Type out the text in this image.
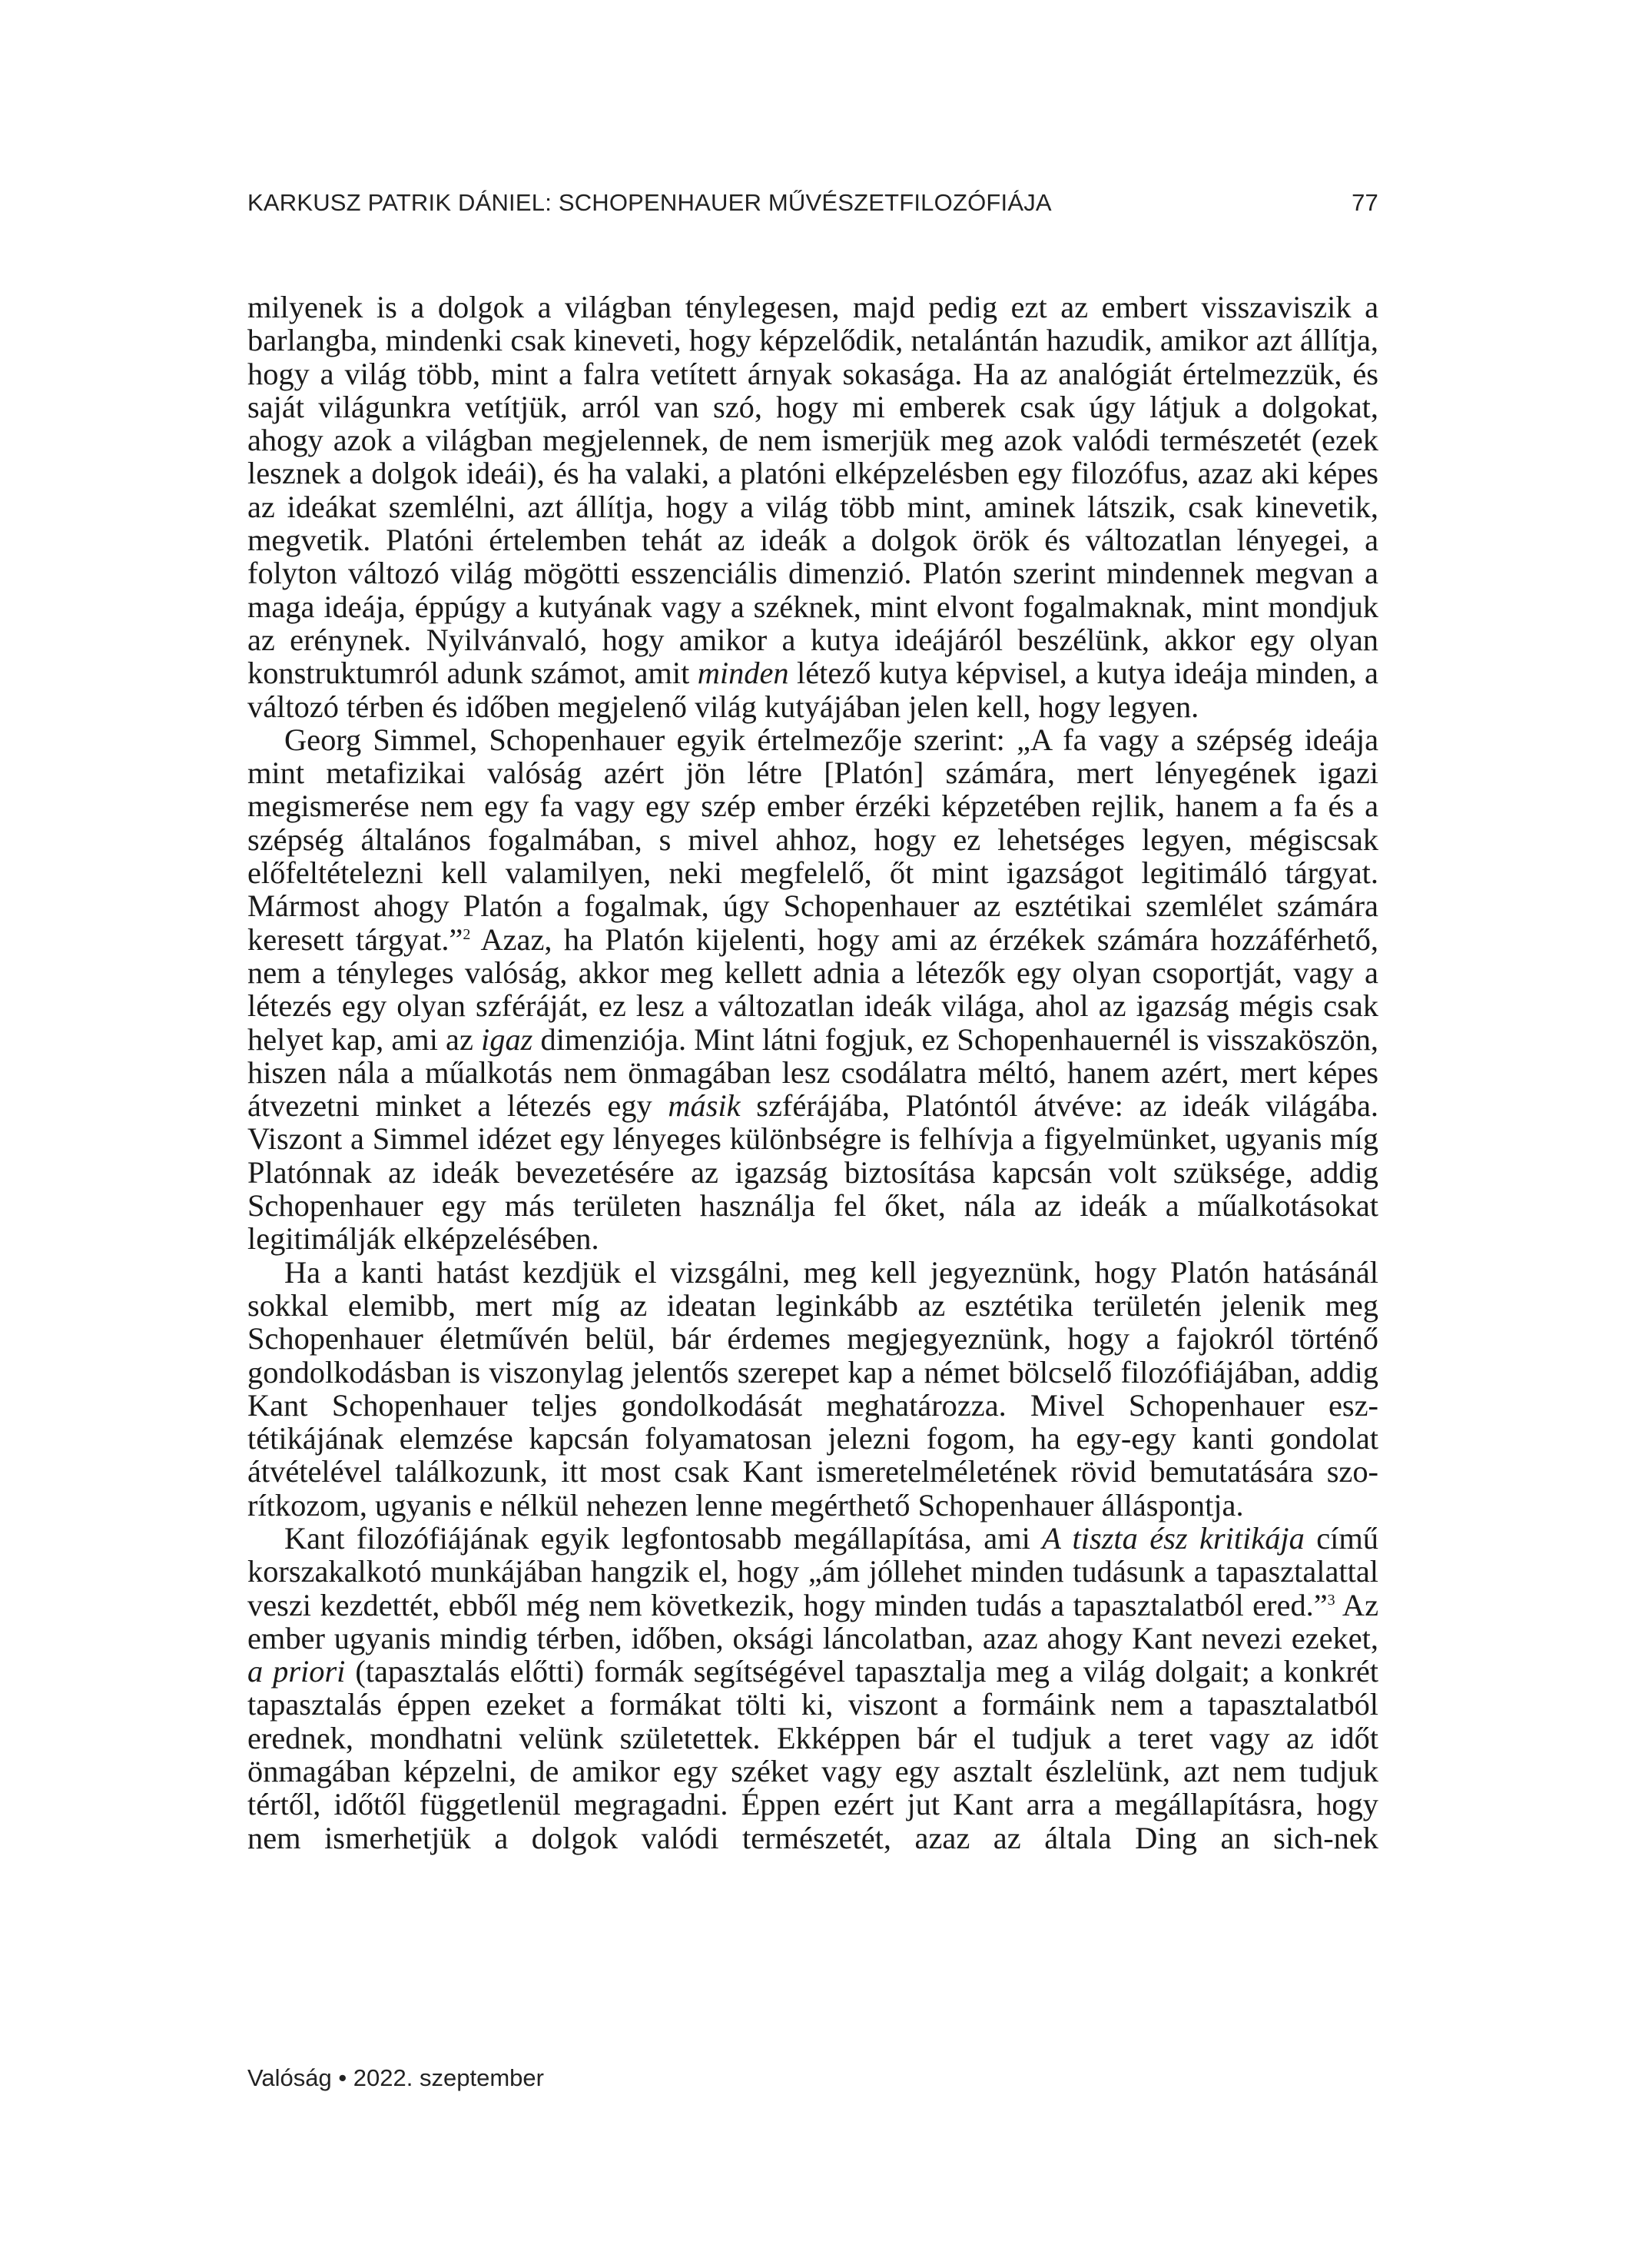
KARKUSZ PATRIK DÁNIEL: SCHOPENHAUER MŰVÉSZETFILOZÓFIÁJA	77

milyenek is a dolgok a világban ténylegesen, majd pedig ezt az embert visszaviszik a barlangba, mindenki csak kineveti, hogy képzelődik, netalántán hazudik, amikor azt állítja, hogy a világ több, mint a falra vetített árnyak sokasága. Ha az analógiát értelmezzük, és saját világunkra vetítjük, arról van szó, hogy mi emberek csak úgy látjuk a dolgokat, ahogy azok a világban megjelennek, de nem ismerjük meg azok valódi természetét (ezek lesznek a dolgok ideái), és ha valaki, a platóni elképzelésben egy filozófus, azaz aki képes az ideákat szemlélni, azt állítja, hogy a világ több mint, aminek látszik, csak kinevetik, megvetik. Platóni értelemben tehát az ideák a dolgok örök és változatlan lényegei, a folyton változó világ mögötti esszenciális dimenzió. Platón szerint mindennek megvan a maga ideája, éppúgy a kutyának vagy a széknek, mint elvont fogalmaknak, mint mondjuk az erénynek. Nyilvánvaló, hogy amikor a kutya ideájáról beszélünk, akkor egy olyan konstruktumról adunk számot, amit minden létező kutya képvisel, a kutya ideája minden, a változó térben és időben megjelenő világ kutyájában jelen kell, hogy legyen.

Georg Simmel, Schopenhauer egyik értelmezője szerint: „A fa vagy a szépség ideája mint metafizikai valóság azért jön létre [Platón] számára, mert lényegének igazi megismerése nem egy fa vagy egy szép ember érzéki képzetében rejlik, hanem a fa és a szépség általános fogalmában, s mivel ahhoz, hogy ez lehetséges legyen, mégiscsak előfeltételezni kell valamilyen, neki megfelelő, őt mint igazságot legitimáló tárgyat. Mármost ahogy Platón a fogalmak, úgy Schopenhauer az esztétikai szemlélet számára keresett tárgyat.”$^2$ Azaz, ha Platón kijelenti, hogy ami az érzékek számára hozzáférhető, nem a tényleges valóság, akkor meg kellett adnia a létezők egy olyan csoportját, vagy a létezés egy olyan szféráját, ez lesz a változatlan ideák világa, ahol az igazság mégis csak helyet kap, ami az igaz dimenziója. Mint látni fogjuk, ez Schopenhauernél is visszaköszön, hiszen nála a műalkotás nem önmagában lesz csodálatra méltó, hanem azért, mert képes átvezetni minket a létezés egy másik szférájába, Platóntól átvéve: az ideák világába. Viszont a Simmel idézet egy lényeges különbségre is felhívja a figyelmünket, ugyanis míg Platónnak az ideák bevezetésére az igazság biztosítása kapcsán volt szüksége, addig Schopenhauer egy más területen használja fel őket, nála az ideák a műalkotásokat legitimálják elképzelésében.

Ha a kanti hatást kezdjük el vizsgálni, meg kell jegyeznünk, hogy Platón hatásánál sokkal elemibb, mert míg az ideatan leginkább az esztétika területén jelenik meg Schopenhauer életművén belül, bár érdemes megjegyeznünk, hogy a fajokról történő gondolkodásban is viszonylag jelentős szerepet kap a német bölcselő filozófiájában, addig Kant Schopenhauer teljes gondolkodását meghatározza. Mivel Schopenhauer esztétikájának elemzése kapcsán folyamatosan jelezni fogom, ha egy-egy kanti gondolat átvételével találkozunk, itt most csak Kant ismeretelméletének rövid bemutatására szorítkozom, ugyanis e nélkül nehezen lenne megérthető Schopenhauer álláspontja.

Kant filozófiájának egyik legfontosabb megállapítása, ami A tiszta ész kritikája című korszakalkotó munkájában hangzik el, hogy „ám jóllehet minden tudásunk a tapasztalattal veszi kezdettét, ebből még nem következik, hogy minden tudás a tapasztalatból ered.”$^3$ Az ember ugyanis mindig térben, időben, oksági láncolatban, azaz ahogy Kant nevezi ezeket, a priori (tapasztalás előtti) formák segítségével tapasztalja meg a világ dolgait; a konkrét tapasztalás éppen ezeket a formákat tölti ki, viszont a formáink nem a tapasztalatból erednek, mondhatni velünk születettek. Ekképpen bár el tudjuk a teret vagy az időt önmagában képzelni, de amikor egy széket vagy egy asztalt észlelünk, azt nem tudjuk tértől, időtől függetlenül megragadni. Éppen ezért jut Kant arra a megállapításra, hogy nem ismerhetjük a dolgok valódi természetét, azaz az általa Ding an sich-nek

Valóság • 2022. szeptember
